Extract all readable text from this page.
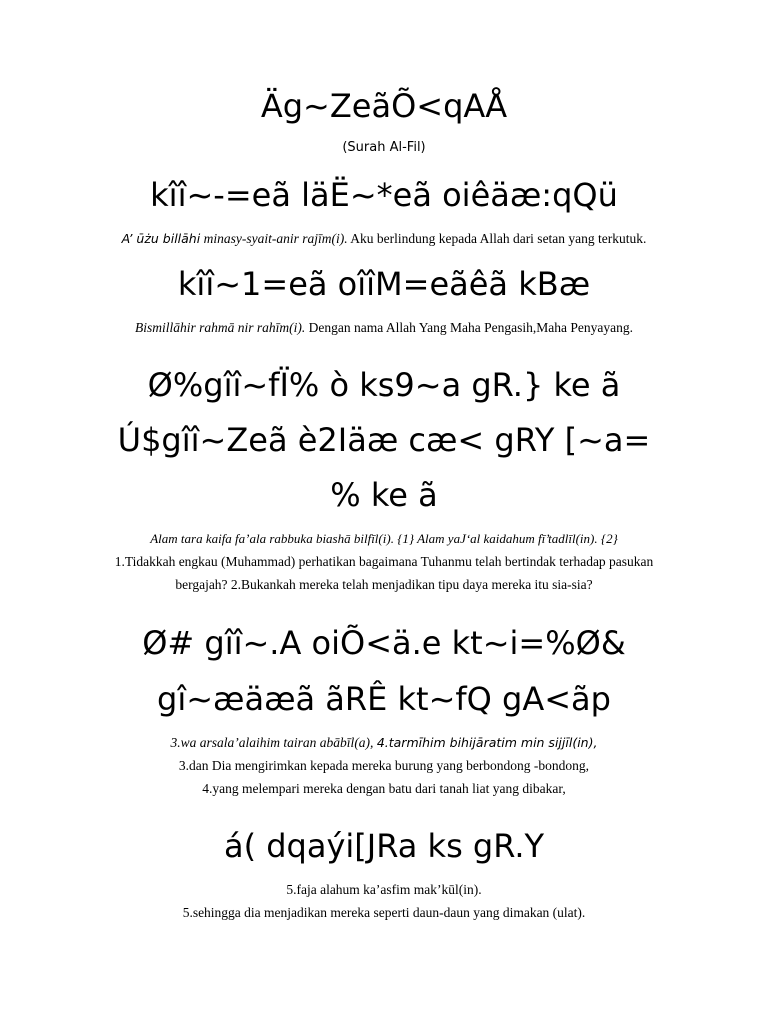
Äg~ZeãÕ<qAÅ

(Surah Al-Fil)

kîî~-=eã läË~*eã oiêäæ:qQü

A’ ūżu billāhi minasy-syait-anir rajīm(i). Aku berlindung kepada Allah dari setan yang terkutuk.

kîî~1=eã oîîM=eãêã kBæ

Bismillāhir rahmā nir rahīm(i). Dengan nama Allah Yang Maha Pengasih,Maha Penyayang.

Ø%gîî~fÏ% ò ks9~a gR.} ke ã

Ú$gîî~Zeã è2Iäæ cæ< gRY [~a=

% ke ã

Alam tara kaifa fa’ala rabbuka biashā bilfīl(i). {1} Alam yaJ‘al kaidahum fī’tadlīl(in). {2}

1.Tidakkah engkau (Muhammad) perhatikan bagaimana Tuhanmu telah bertindak terhadap pasukan

bergajah? 2.Bukankah mereka telah menjadikan tipu daya mereka itu sia-sia?

Ø# gîî~.A oiÕ<ä.e kt~i=%Ø&

gî~æäæã ãRÊ kt~fQ gA<ãp

3.wa arsala’alaihim tairan abābīl(a), 4.tarmīhim bihijāratim min sijjīl(in),

3.dan Dia mengirimkan kepada mereka burung yang berbondong -bondong,

4.yang melempari mereka dengan batu dari tanah liat yang dibakar,

á( dqaýi[JRa ks gR.Y

5.faja alahum ka’asfim mak’kūl(in).

5.sehingga dia menjadikan mereka seperti daun-daun yang dimakan (ulat).
